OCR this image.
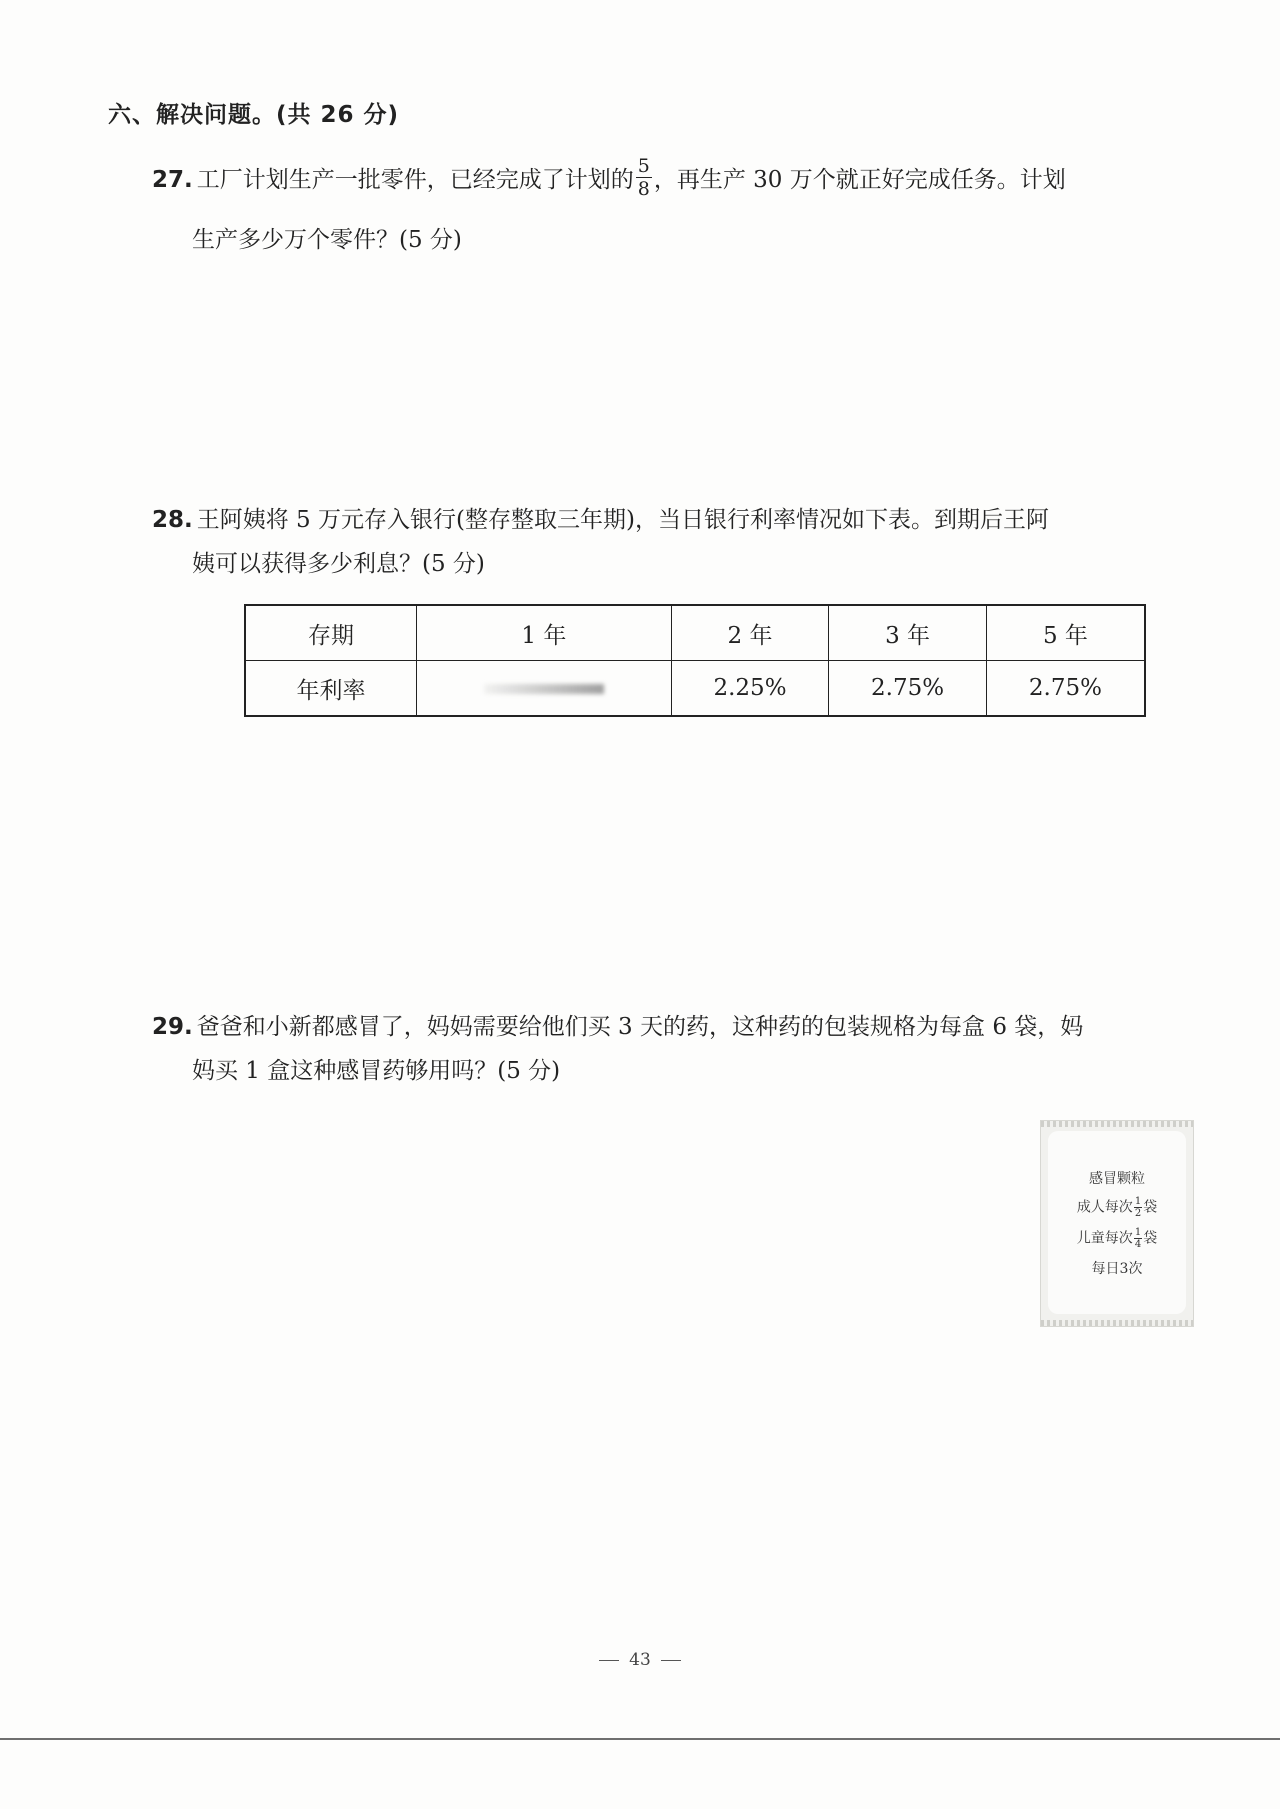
六、解决问题。(共 26 分)
27. 工厂计划生产一批零件，已经完成了计划的 $\frac{5}{8}$ ，再生产 30 万个就正好完成任务。计划
生产多少万个零件？(5 分)
28. 王阿姨将 5 万元存入银行(整存整取三年期)，当日银行利率情况如下表。到期后王阿
姨可以获得多少利息？(5 分)
存期	1 年	2 年	3 年	5 年
年利率		2.25%	2.75%	2.75%
29. 爸爸和小新都感冒了，妈妈需要给他们买 3 天的药，这种药的包装规格为每盒 6 袋，妈
妈买 1 盒这种感冒药够用吗？(5 分)
感冒颗粒
成人每次 $\frac{1}{2}$ 袋
儿童每次 $\frac{1}{4}$ 袋
每日3次
43
